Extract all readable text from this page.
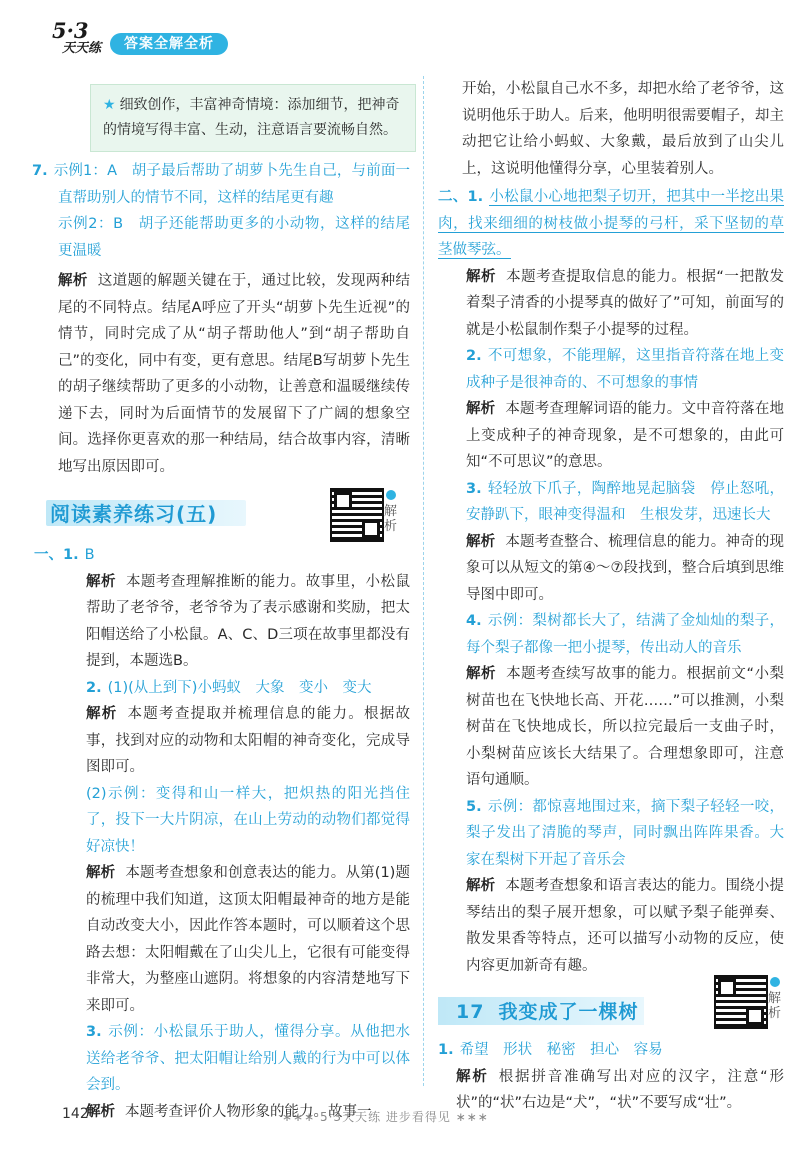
5·3
天天练	答案全解全析
★ 细致创作，丰富神奇情境：添加细节，把神奇的情境写得丰富、生动，注意语言要流畅自然。

7. 示例1：A　胡子最后帮助了胡萝卜先生自己，与前面一直帮助别人的情节不同，这样的结尾更有趣

示例2：B　胡子还能帮助更多的小动物，这样的结尾更温暖

解析 这道题的解题关键在于，通过比较，发现两种结尾的不同特点。结尾A呼应了开头“胡萝卜先生近视”的情节，同时完成了从“胡子帮助他人”到“胡子帮助自己”的变化，同中有变，更有意思。结尾B写胡萝卜先生的胡子继续帮助了更多的小动物，让善意和温暖继续传递下去，同时为后面情节的发展留下了广阔的想象空间。选择你更喜欢的那一种结局，结合故事内容，清晰地写出原因即可。

阅读素养练习(五)	解析

一、1. B

解析 本题考查理解推断的能力。故事里，小松鼠帮助了老爷爷，老爷爷为了表示感谢和奖励，把太阳帽送给了小松鼠。A、C、D三项在故事里都没有提到，本题选B。

2. (1)(从上到下)小蚂蚁　大象　变小　变大

解析 本题考查提取并梳理信息的能力。根据故事，找到对应的动物和太阳帽的神奇变化，完成导图即可。

(2)示例：变得和山一样大，把炽热的阳光挡住了，投下一大片阴凉，在山上劳动的动物们都觉得好凉快！

解析 本题考查想象和创意表达的能力。从第(1)题的梳理中我们知道，这顶太阳帽最神奇的地方是能自动改变大小，因此作答本题时，可以顺着这个思路去想：太阳帽戴在了山尖儿上，它很有可能变得非常大，为整座山遮阴。将想象的内容清楚地写下来即可。

3. 示例：小松鼠乐于助人，懂得分享。从他把水送给老爷爷、把太阳帽让给别人戴的行为中可以体会到。

解析 本题考查评价人物形象的能力。故事一

开始，小松鼠自己水不多，却把水给了老爷爷，这说明他乐于助人。后来，他明明很需要帽子，却主动把它让给小蚂蚁、大象戴，最后放到了山尖儿上，这说明他懂得分享，心里装着别人。

二、1. 小松鼠小心地把梨子切开，把其中一半挖出果肉，找来细细的树枝做小提琴的弓杆，采下坚韧的草茎做琴弦。

解析 本题考查提取信息的能力。根据“一把散发着梨子清香的小提琴真的做好了”可知，前面写的就是小松鼠制作梨子小提琴的过程。

2. 不可想象，不能理解，这里指音符落在地上变成种子是很神奇的、不可想象的事情

解析 本题考查理解词语的能力。文中音符落在地上变成种子的神奇现象，是不可想象的，由此可知“不可思议”的意思。

3. 轻轻放下爪子，陶醉地晃起脑袋　停止怒吼，安静趴下，眼神变得温和　生根发芽，迅速长大

解析 本题考查整合、梳理信息的能力。神奇的现象可以从短文的第④～⑦段找到，整合后填到思维导图中即可。

4. 示例：梨树都长大了，结满了金灿灿的梨子，每个梨子都像一把小提琴，传出动人的音乐

解析 本题考查续写故事的能力。根据前文“小梨树苗也在飞快地长高、开花……”可以推测，小梨树苗在飞快地成长，所以拉完最后一支曲子时，小梨树苗应该长大结果了。合理想象即可，注意语句通顺。

5. 示例：都惊喜地围过来，摘下梨子轻轻一咬，梨子发出了清脆的琴声，同时飘出阵阵果香。大家在梨树下开起了音乐会

解析 本题考查想象和语言表达的能力。围绕小提琴结出的梨子展开想象，可以赋予梨子能弹奏、散发果香等特点，还可以描写小动物的反应，使内容更加新奇有趣。

17 我变成了一棵树
解析

1. 希望　形状　秘密　担心　容易

解析 根据拼音准确写出对应的汉字，注意“形状”的“状”右边是“犬”，“状”不要写成“壮”。

142	∗∗∗ 5·3天天练 进步看得见 ∗∗∗
